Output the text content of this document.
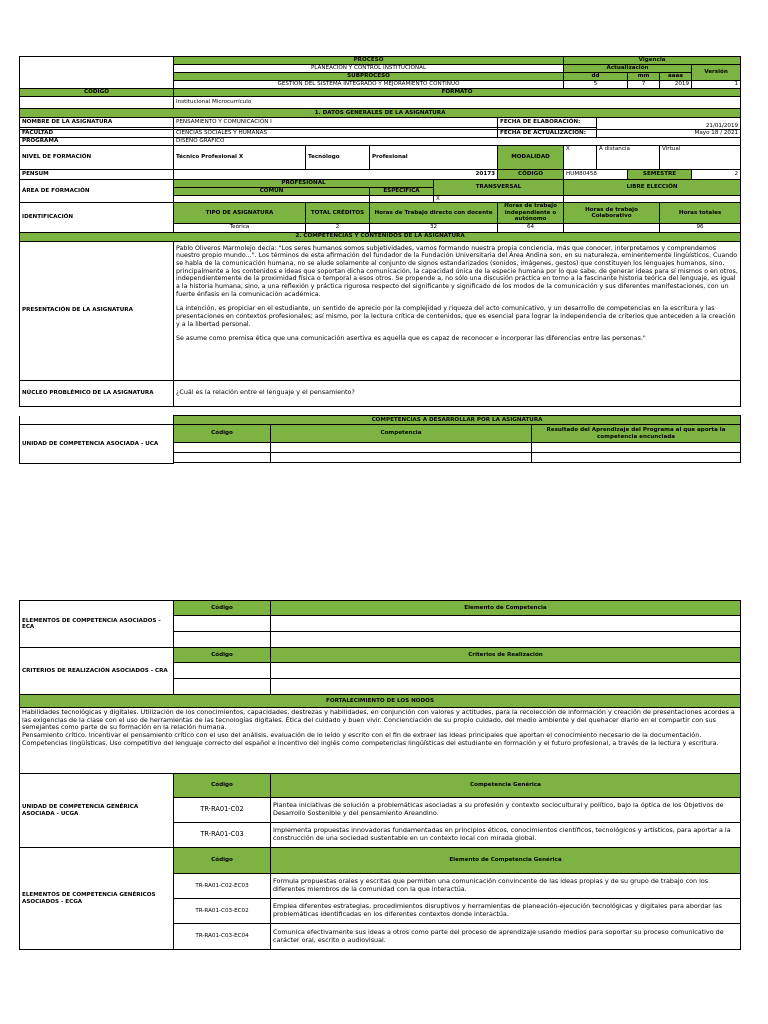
	PROCESO					Vigencia				
	PLANEACIÓN Y CONTROL INSTITUCIONAL					Actualización				Versión
	SUBPROCESO					dd		mm	aaaa	
	GESTIÓN DEL SISTEMA INTEGRADO Y MEJORAMIENTO CONTINUO					5		7	2019	1
CODIGO	FORMATO									
	Institucional Microcurrículo									
1. DATOS GENERALES DE LA ASIGNATURA										
NOMBRE DE LA ASIGNATURA	PENSAMIENTO Y COMUNICACIÓN I				FECHA DE ELABORACIÓN:		21/01/2019			

FACULTAD	CIENCIAS SOCIALES Y HUMANAS				FECHA DE ACTUALIZACIÓN:		Mayo 18 / 2021			
PROGRAMA	DISEÑO GRÁFICO									
NIVEL DE FORMACIÓN	Técnico Profesional X	Tecnólogo	Profesional		MODALIDAD	X	A distancia		Virtual	
PENSUM	20173				CÓDIGO	HUM80458		SEMESTRE		2
ÁREA DE FORMACIÓN	PROFESIONAL			TRANSVERSAL		LIBRE ELECCIÓN				
	COMUN		ESPECÍFICA							
				X						
IDENTIFICACIÓN	TIPO DE ASIGNATURA	TOTAL CRÉDITOS	Horas de Trabajo directo con docente		Horas de trabajo independiente o autónomo	Horas de trabajo Colaborativo			Horas totales	
	Teórica	2	32		64				96	
2. COMPETENCIAS Y CONTENIDOS DE LA ASIGNATURA										
PRESENTACIÓN DE LA ASIGNATURA	Pablo Oliveros Marmolejo decía: "Los seres humanos somos subjetividades, vamos formando nuestra propia conciencia, más que conocer, interpretamos y comprendemos nuestro propio mundo...". Los términos de esta afirmación del fundador de la Fundación Universitaria del Área Andina son, en su naturaleza, eminentemente lingüísticos. Cuando se habla de la comunicación humana, no se alude solamente al conjunto de signos estandarizados (sonidos, imágenes, gestos) que constituyen los lenguajes humanos, sino, principalmente a los contenidos e ideas que soportan dicha comunicación, la capacidad única de la especie humana por lo que sabe, de generar ideas para sí mismos o en otros, independientemente de la proximidad física o temporal a esos otros. Se propende a, no sólo una discusión práctica en torno a la fascinante historia teórica del lenguaje, es igual a la historia humana, sino, a una reflexión y práctica rigurosa respecto del significante y significado de los modos de la comunicación y sus diferentes manifestaciones, con un fuerte énfasis en la comunicación académica.

La intención, es propiciar en el estudiante, un sentido de aprecio por la complejidad y riqueza del acto comunicativo, y un desarrollo de competencias en la escritura y las presentaciones en contextos profesionales; así mismo, por la lectura crítica de contenidos, que es esencial para lograr la independencia de criterios que anteceden a la creación y a la libertad personal.

Se asume como premisa ética que una comunicación asertiva es aquella que es capaz de reconocer e incorporar las diferencias entre las personas."									

NÚCLEO PROBLÉMICO DE LA ASIGNATURA	¿Cuál es la relación entre el lenguaje y el pensamiento?									
	COMPETENCIAS A DESARROLLAR POR LA ASIGNATURA		
UNIDAD DE COMPETENCIA ASOCIADA - UCA	Código	Competencia	Resultado del Aprendizaje del Programa al que aporta la competencia encunciada

ELEMENTOS DE COMPETENCIA ASOCIADOS - ECA	Código	Elemento de Competencia

CRITERIOS DE REALIZACIÓN ASOCIADOS - CRA	Código	Criterios de Realización

FORTALECIMIENTO DE LOS NODOS		
Habilidades tecnológicas y digitales. Utilización de los conocimientos, capacidades, destrezas y habilidades, en conjunción con valores y actitudes, para la recolección de información y creación de presentaciones acordes a las exigencias de la clase con el uso de herramientas de las tecnologías digitales. Ética del cuidado y buen vivir. Concienciación de su propio cuidado, del medio ambiente y del quehacer diario en el compartir con sus semejantes como parte de su formación en la relación humana.
Pensamiento crítico. Incentivar el pensamiento crítico con el uso del análisis, evaluación de lo leído y escrito con el fin de extraer las ideas principales que aportan el conocimiento necesario de la documentación.
Competencias lingüísticas. Uso competitivo del lenguaje correcto del español e incentivo del inglés como competencias lingüísticas del estudiante en formación y el futuro profesional, a través de la lectura y escritura.		
UNIDAD DE COMPETENCIA GENÉRICA ASOCIADA - UCGA	Código	Competencia Genérica
	TR-RA01-C02	Plantea iniciativas de solución a problemáticas asociadas a su profesión y contexto sociocultural y político, bajo la óptica de los Objetivos de Desarrollo Sostenible y del pensamiento Areandino.
	TR-RA01-C03	Implementa propuestas innovadoras fundamentadas en principios éticos, conocimientos científicos, tecnológicos y artísticos, para aportar a la construcción de una sociedad sustentable en un contexto local con mirada global.
ELEMENTOS DE COMPETENCIA GENÉRICOS ASOCIADOS - ECGA	Código	Elemento de Competencia Genérica
	TR-RA01-C02-EC03	Formula propuestas orales y escritas que permiten una comunicación convincente de las ideas propias y de su grupo de trabajo con los diferentes miembros de la comunidad con la que interactúa.
	TR-RA01-C03-EC02	Emplea diferentes estrategias, procedimientos disruptivos y herramientas de planeación-ejecución tecnológicas y digitales para abordar las problemáticas identificadas en los diferentes contextos donde interactúa.
	TR-RA01-C03-EC04	Comunica efectivamente sus ideas a otros como parte del proceso de aprendizaje usando medios para soportar su proceso comunicativo de carácter oral, escrito o audiovisual.
